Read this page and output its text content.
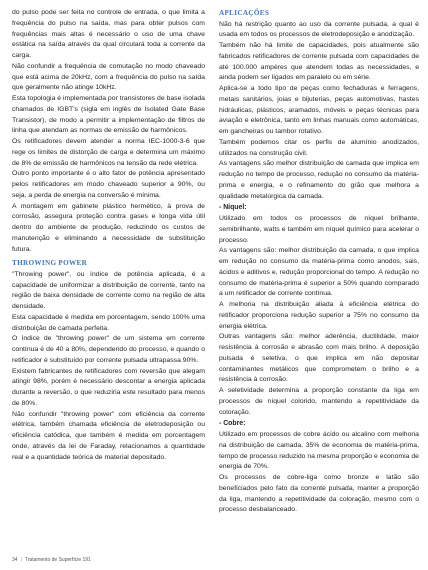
do pulso pode ser feita no controle de entrada, o que limita a frequência do pulso na saída, mas para obter pulsos com frequências mais altas é necessário o uso de uma chave estática na saída através da qual circulará toda a corrente da carga.

Não confundir a frequência de comutação no modo chaveado que está acima de 20kHz, com a frequência do pulso na saída que geralmente não atinge 10kHz.

Esta topologia é implementada por transistores de base isolada chamados de IGBT's (sigla em inglês de Isolated Gate Base Transistor), de modo a permitir a implementação de filtros de linha que atendam as normas de emissão de harmônicos.

Os retificadores devem atender a norma IEC-1000-3-6 que rege os limites de distorção de carga e determina um máximo de 8% de emissão de harmônicos na tensão da rede elétrica.

Outro ponto importante é o alto fator de potência apresentado pelos retificadores em modo chaveado superior a 90%, ou seja, a perda de energia na conversão é mínima.

A montagem em gabinete plástico hermético, à prova de corrosão, assegura proteção contra gases e longa vida útil dentro do ambiente de produção, reduzindo os custos de manutenção e eliminando a necessidade de substituição futura.

THROWING POWER

"Throwing power", ou índice de potência aplicada, é a capacidade de uniformizar a distribuição de corrente, tanto na região de baixa densidade de corrente como na região de alta densidade.

Esta capacidade é medida em porcentagem, sendo 100% uma distribuição de camada perfeita.

O índice de "throwing power" de um sistema em corrente contínua é de 40 a 80%, dependendo do processo, e quando o retificador é substituído por corrente pulsada ultrapassa 90%.

Existem fabricantes de retificadores com reversão que alegam atingir 98%, porém é necessário descontar a energia aplicada durante a reversão, o que reduziria este resultado para menos de 80%.

Não confundir "throwing power" com eficiência da corrente elétrica, também chamada eficiência de eletrodeposição ou eficiência catódica, que também é medida em porcentagem onde, através da lei de Faraday, relacionamos a quantidade real e a quantidade teórica de material depositado.

APLICAÇÕES

Não há restrição quanto ao uso da corrente pulsada, a qual é usada em todos os processos de eletrodeposição e anodização.

Também não há limite de capacidades, pois atualmente são fabricados retificadores de corrente pulsada com capacidades de até 100.000 ampères que atendem todas as necessidades, e ainda podem ser ligados em paralelo ou em série.

Aplica-se a todo tipo de peças como fechaduras e ferragens, metais sanitários, joias e bijuterias, peças automotivas, hastes hidráulicas, plásticos, aramados, móveis e peças técnicas para aviação e eletrônica, tanto em linhas manuais como automáticas, em gancheiras ou tambor rotativo.

Também podemos citar os perfis de alumínio anodizados, utilizados na construção civil.

As vantagens são melhor distribuição de camada que implica em redução no tempo de processo, redução no consumo da matéria-prima e energia, e o refinamento do grão que melhora a qualidade metalúrgica da camada.

- Níquel:

Utilizado em todos os processos de níquel brilhante, semibrilhante, watts e também em níquel químico para acelerar o processo.

As vantagens são: melhor distribuição da camada, o que implica em redução no consumo da matéria-prima como anodos, sais, ácidos e aditivos e, redução proporcional do tempo. A redução no consumo de matéria-prima é superior a 50% quando comparado a um retificador de corrente contínua.

A melhoria na distribuição aliada à eficiência elétrica do retificador proporciona redução superior a 75% no consumo da energia elétrica.

Outras vantagens são: melhor aderência, ductilidade, maior resistência à corrosão e abrasão com mais brilho. A deposição pulsada é seletiva, o que implica em não depositar contaminantes metálicos que comprometem o brilho e a resistência à corrosão.

A seletividade determina a proporção constante da liga em processos de níquel colorido, mantendo a repetitividade da coloração.

- Cobre:

Utilizado em processos de cobre ácido ou alcalino com melhoria na distribuição de camada, 35% de economia de matéria-prima, tempo de processo reduzido na mesma proporção e economia de energia de 70%.

Os processos de cobre-liga como bronze e latão são beneficiados pelo fato da corrente pulsada, manter a proporção da liga, mantendo a repetitividade da coloração, mesmo com o processo desbalanceado.

34 | Tratamento de Superfície 191
